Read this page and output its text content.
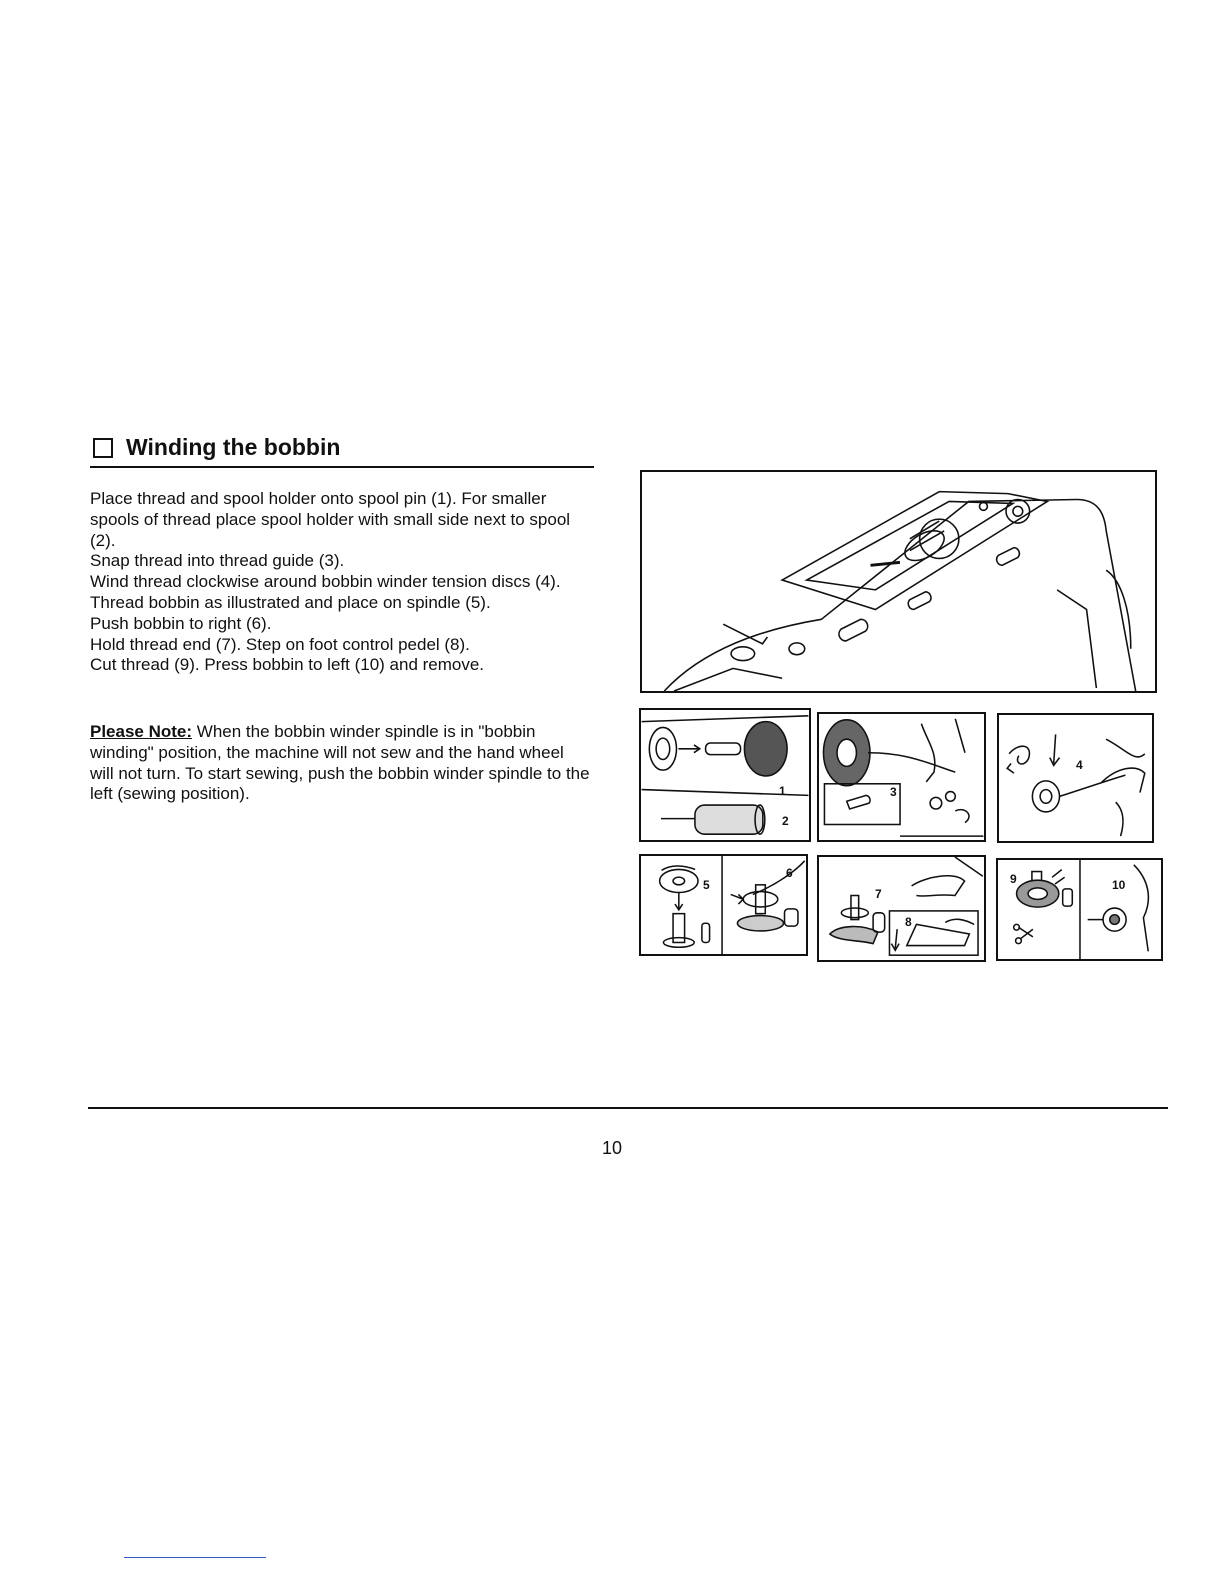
Winding the bobbin

Place thread and spool holder onto spool pin (1). For smaller spools of thread place spool holder with small side next to spool (2).

Snap thread into thread guide (3).

Wind thread clockwise around bobbin winder tension discs (4).

Thread bobbin as illustrated and place on spindle (5).

Push bobbin to right (6).

Hold thread end (7). Step on foot control pedel (8).

Cut thread (9). Press bobbin to left (10) and remove.

Please Note: When the bobbin winder spindle is in "bobbin winding" position, the machine will not sew and the hand wheel will not turn. To start sewing, push the bobbin winder spindle to the left (sewing position).	1
2
3
4
5
6
7
8
9	10
10
